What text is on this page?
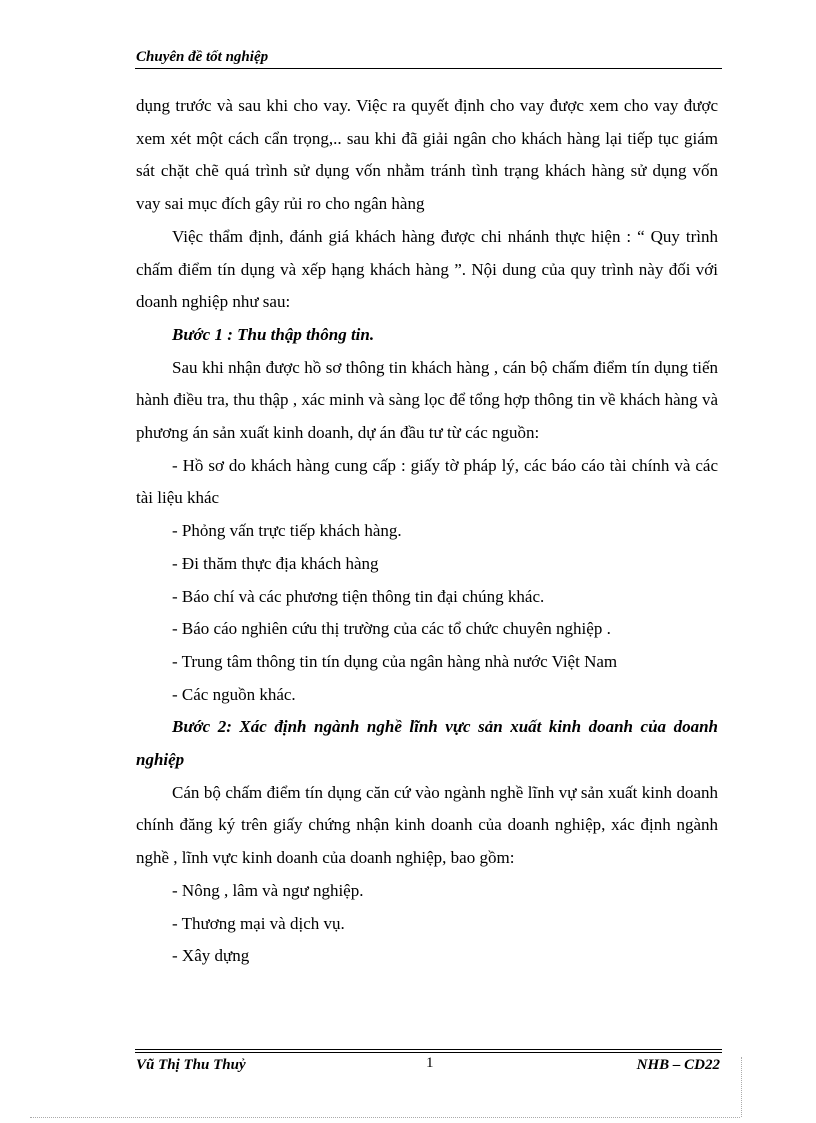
Chuyên đề tốt nghiệp

dụng trước và sau khi cho vay. Việc ra quyết định cho vay được xem cho vay được xem xét một cách cẩn trọng,.. sau khi đã giải ngân cho khách hàng lại tiếp tục giám sát chặt chẽ quá trình sử dụng vốn nhằm tránh tình trạng khách hàng sử dụng vốn vay sai mục đích gây rủi ro cho ngân hàng

Việc thẩm định, đánh giá khách hàng được chi nhánh thực hiện : “ Quy trình chấm điểm tín dụng và xếp hạng khách hàng ”. Nội dung của quy trình này đối với doanh nghiệp như sau:

Bước 1 : Thu thập thông tin.

Sau khi nhận được hồ sơ thông tin khách hàng , cán bộ chấm điểm tín dụng tiến hành điều tra, thu thập , xác minh và sàng lọc để tổng hợp thông tin về khách hàng và phương án sản xuất kinh doanh, dự án đầu tư từ các nguồn:

- Hồ sơ do khách hàng cung cấp : giấy tờ pháp lý, các báo cáo tài chính và các tài liệu khác

- Phỏng vấn trực tiếp khách hàng.

- Đi thăm thực địa khách hàng

- Báo chí và các phương tiện thông tin đại chúng khác.

- Báo cáo nghiên cứu thị trường của các tổ chức chuyên nghiệp .

- Trung tâm thông tin tín dụng của ngân hàng nhà nước Việt Nam

- Các nguồn khác.

Bước 2: Xác định ngành nghề lĩnh vực sản xuất kinh doanh của doanh nghiệp

Cán bộ chấm điểm tín dụng căn cứ vào ngành nghề lĩnh vự sản xuất kinh doanh chính đăng ký trên giấy chứng nhận kinh doanh của doanh nghiệp, xác định ngành nghề , lĩnh vực kinh doanh của doanh nghiệp, bao gồm:

- Nông , lâm và ngư nghiệp.

- Thương mại và dịch vụ.

- Xây dựng

Vũ Thị Thu Thuỷ	1	NHB – CD22
